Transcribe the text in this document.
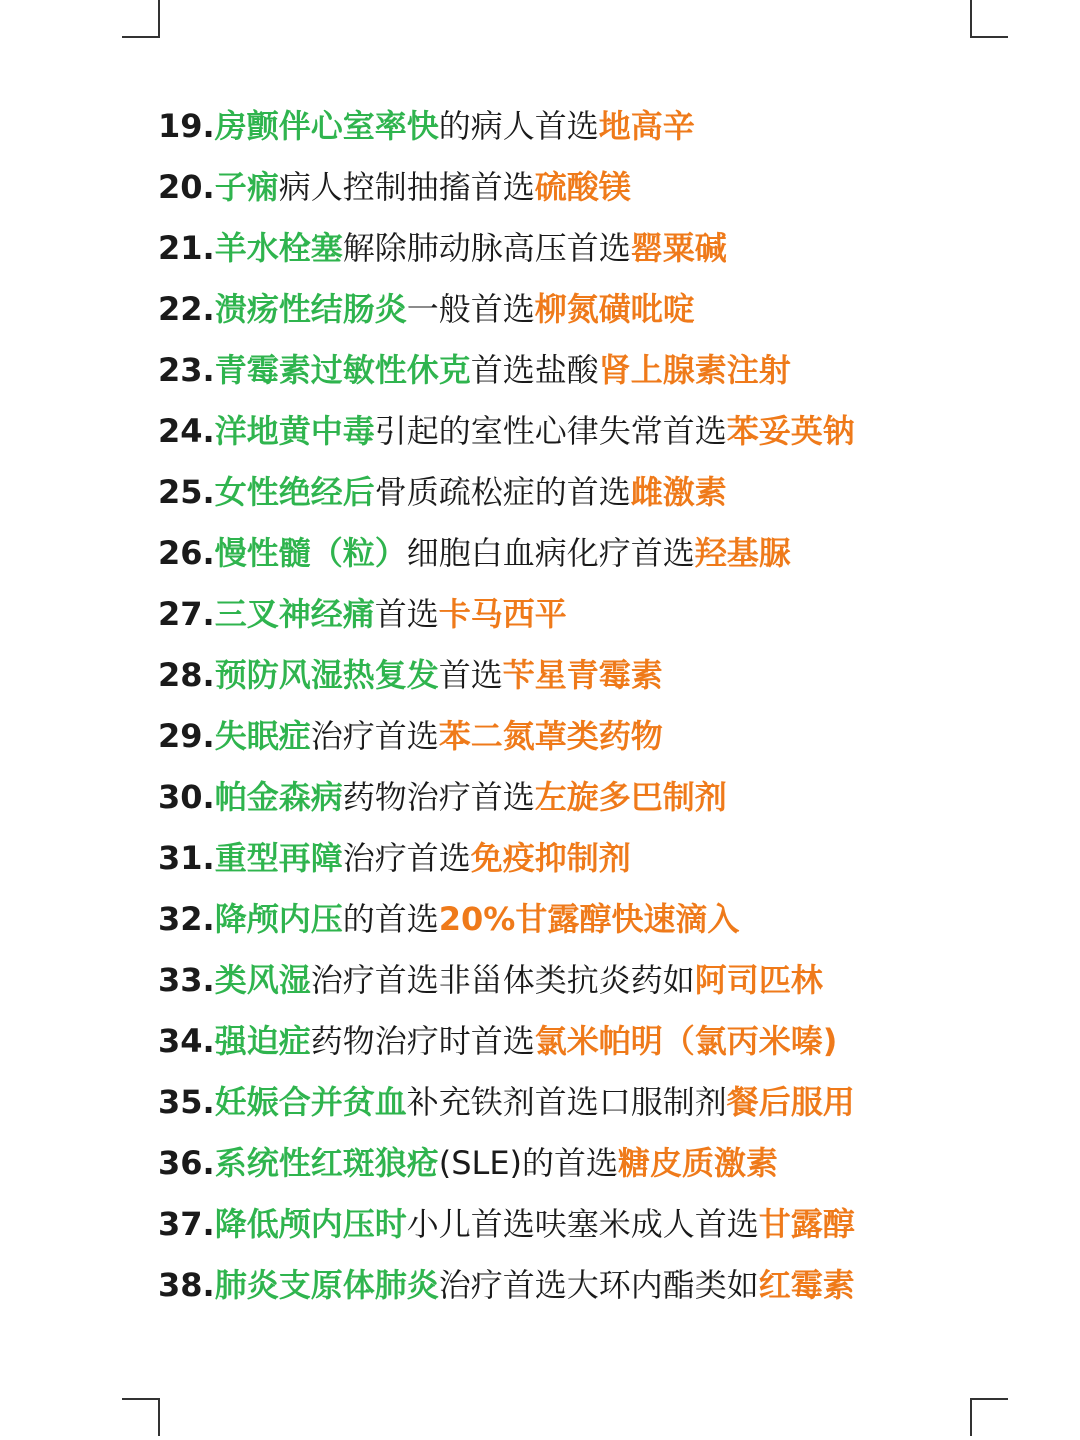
19.房颤伴心室率快的病人首选地高辛
20.子痫病人控制抽搐首选硫酸镁
21.羊水栓塞解除肺动脉高压首选罂粟碱
22.溃疡性结肠炎一般首选柳氮磺吡啶
23.青霉素过敏性休克首选盐酸肾上腺素注射
24.洋地黄中毒引起的室性心律失常首选苯妥英钠
25.女性绝经后骨质疏松症的首选雌激素
26.慢性髓（粒）细胞白血病化疗首选羟基脲
27.三叉神经痛首选卡马西平
28.预防风湿热复发首选苄星青霉素
29.失眠症治疗首选苯二氮䓬类药物
30.帕金森病药物治疗首选左旋多巴制剂
31.重型再障治疗首选免疫抑制剂
32.降颅内压的首选20%甘露醇快速滴入
33.类风湿治疗首选非甾体类抗炎药如阿司匹林
34.强迫症药物治疗时首选氯米帕明（氯丙米嗪)
35.妊娠合并贫血补充铁剂首选口服制剂餐后服用
36.系统性红斑狼疮(SLE)的首选糖皮质激素
37.降低颅内压时小儿首选呋塞米成人首选甘露醇
38.肺炎支原体肺炎治疗首选大环内酯类如红霉素
